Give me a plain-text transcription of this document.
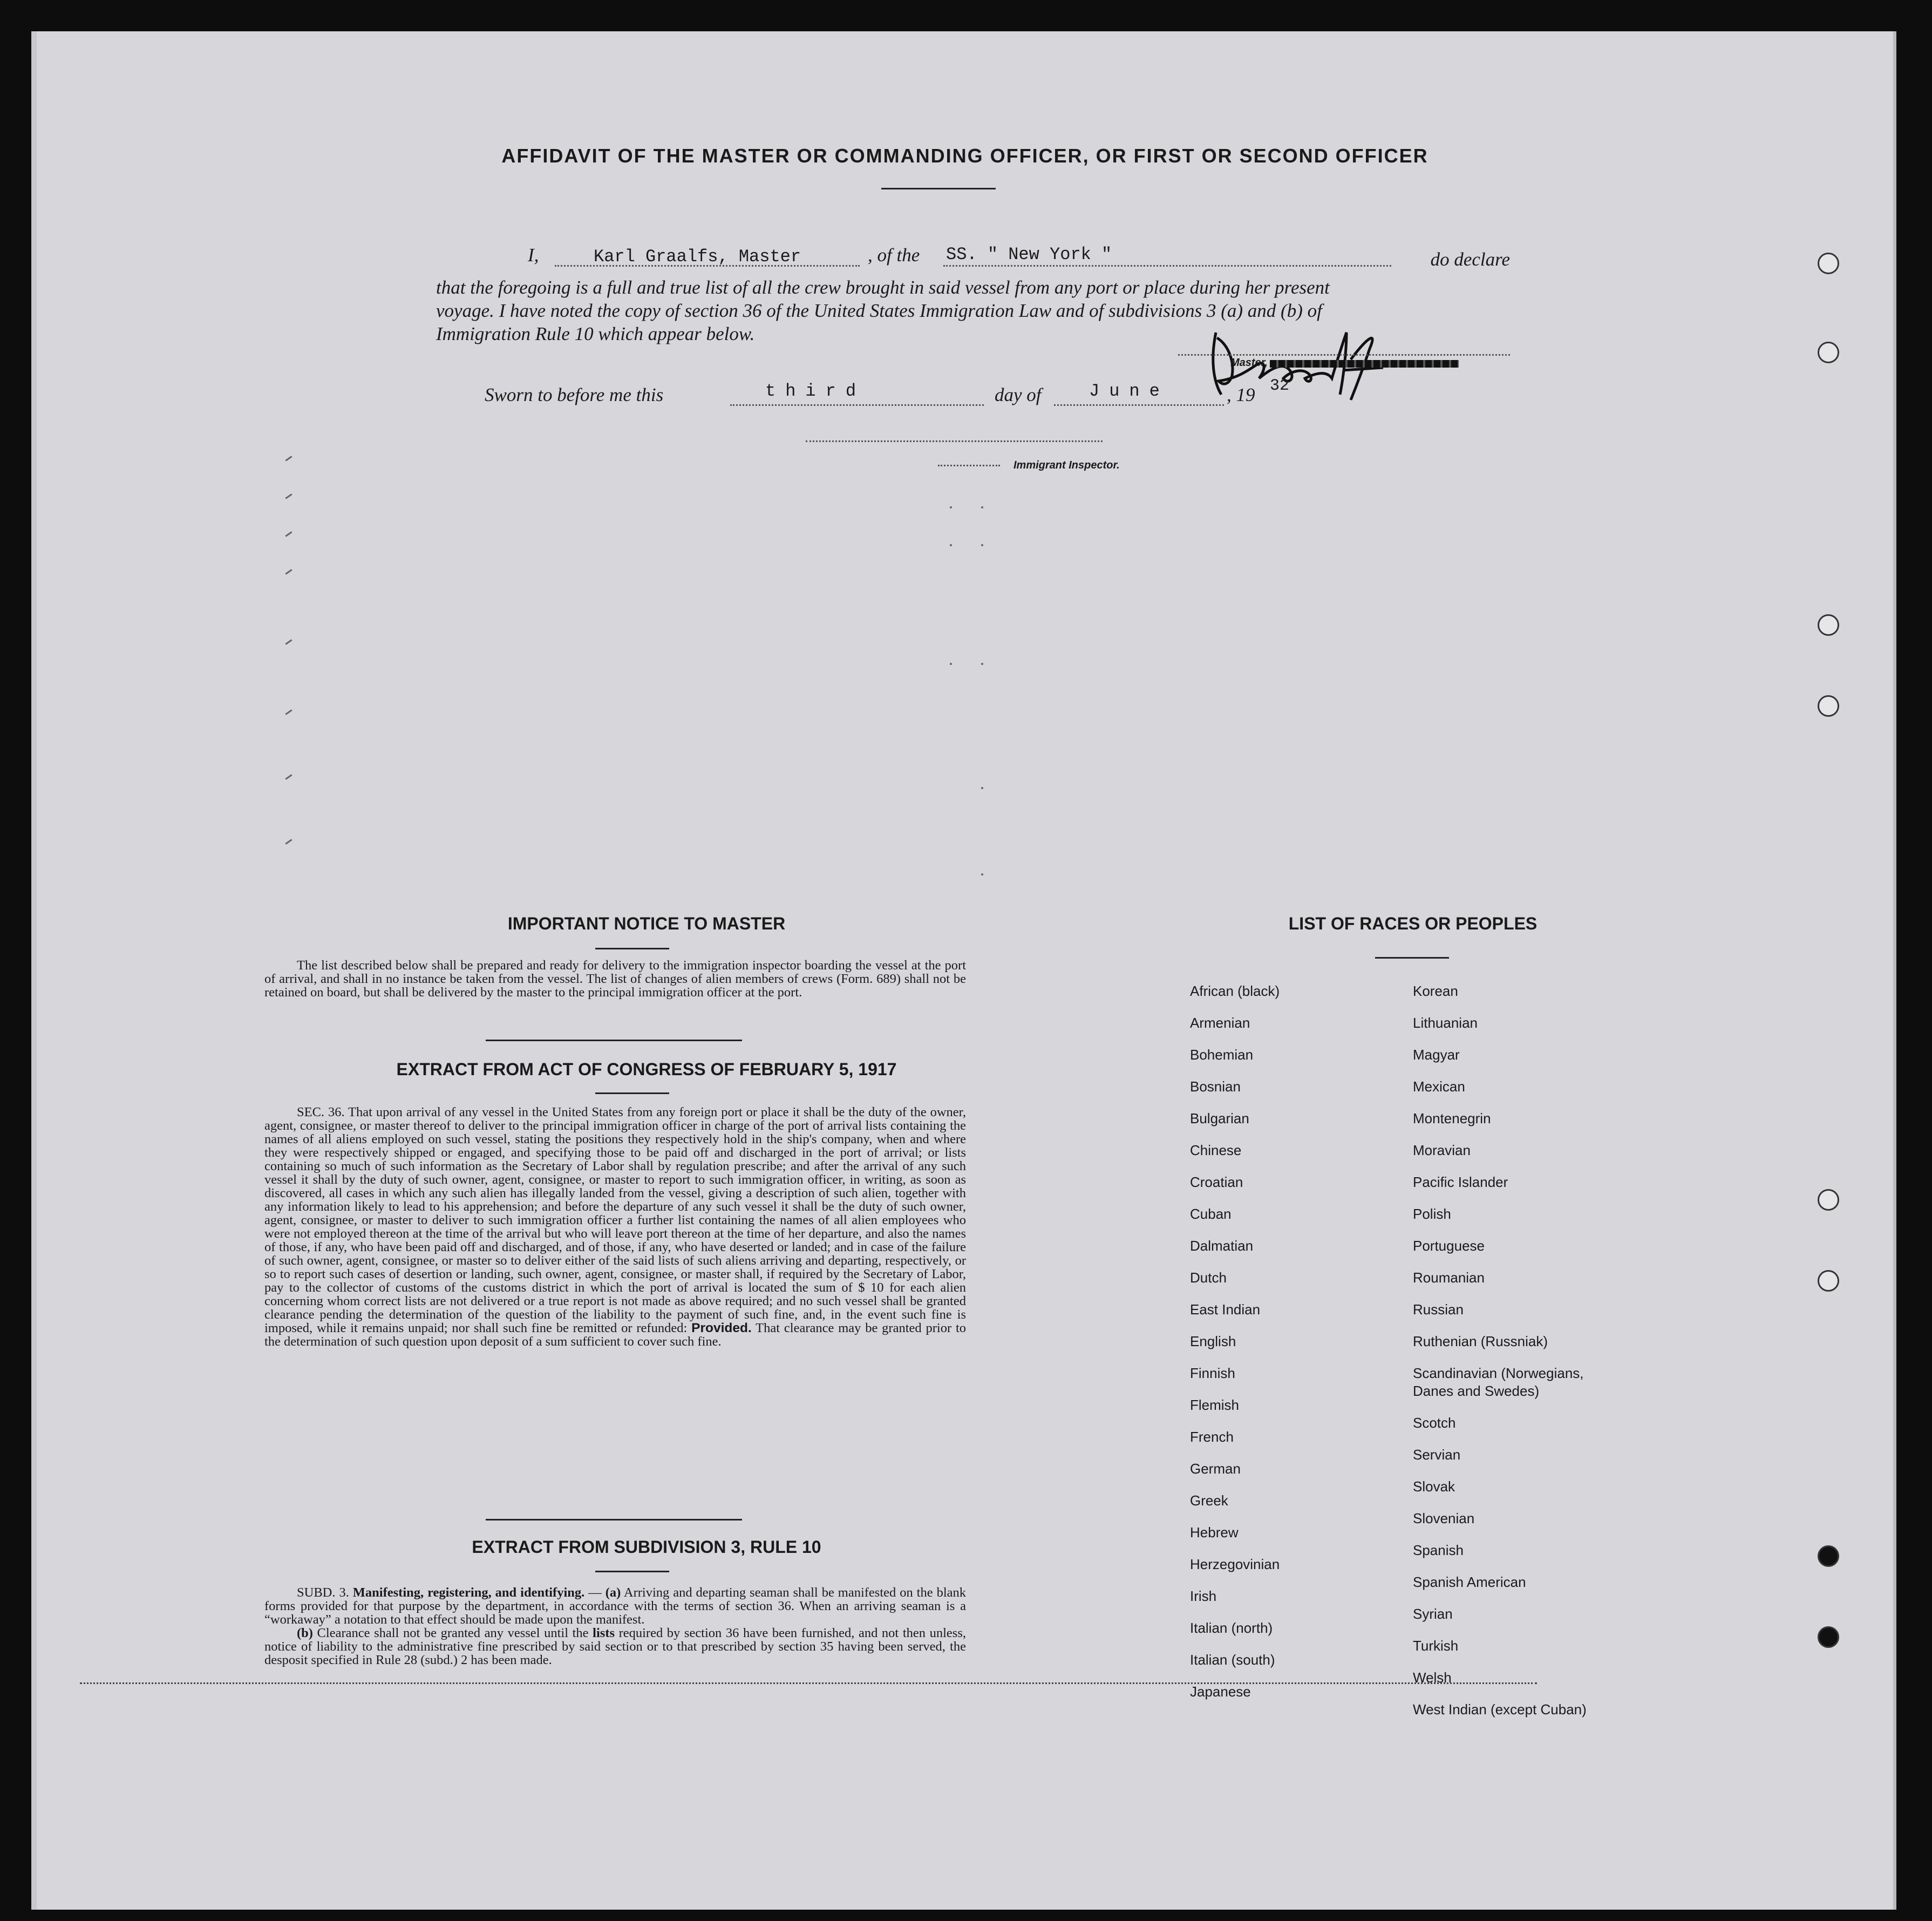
AFFIDAVIT OF THE MASTER OR COMMANDING OFFICER, OR FIRST OR SECOND OFFICER
I,	Karl Graalfs, Master	, of the SS. " New York "	do declare
that the foregoing is a full and true list of all the crew brought in said vessel from any port or place during her present
voyage. I have noted the copy of section 36 of the United States Immigration Law and of subdivisions 3 (a) and (b) of
Immigration Rule 10 which appear below.
Master,
Sworn to before me this	third	day of	June	, 19 32
Immigrant Inspector.
IMPORTANT NOTICE TO MASTER

The list described below shall be prepared and ready for delivery to the immigration inspector boarding the vessel at the port of arrival, and shall in no instance be taken from the vessel. The list of changes of alien members of crews (Form. 689) shall not be retained on board, but shall be delivered by the master to the principal immigration officer at the port.

EXTRACT FROM ACT OF CONGRESS OF FEBRUARY 5, 1917

SEC. 36. That upon arrival of any vessel in the United States from any foreign port or place it shall be the duty of the owner, agent, consignee, or master thereof to deliver to the principal immigration officer in charge of the port of arrival lists containing the names of all aliens employed on such vessel, stating the positions they respectively hold in the ship's company, when and where they were respectively shipped or engaged, and specifying those to be paid off and discharged in the port of arrival; or lists containing so much of such information as the Secretary of Labor shall by regulation prescribe; and after the arrival of any such vessel it shall by the duty of such owner, agent, consignee, or master to report to such immigration officer, in writing, as soon as discovered, all cases in which any such alien has illegally landed from the vessel, giving a description of such alien, together with any information likely to lead to his apprehension; and before the departure of any such vessel it shall be the duty of such owner, agent, consignee, or master to deliver to such immigration officer a further list containing the names of all alien employees who were not employed thereon at the time of the arrival but who will leave port thereon at the time of her departure, and also the names of those, if any, who have been paid off and discharged, and of those, if any, who have deserted or landed; and in case of the failure of such owner, agent, consignee, or master so to deliver either of the said lists of such aliens arriving and departing, respectively, or so to report such cases of desertion or landing, such owner, agent, consignee, or master shall, if required by the Secretary of Labor, pay to the collector of customs of the customs district in which the port of arrival is located the sum of $ 10 for each alien concerning whom correct lists are not delivered or a true report is not made as above required; and no such vessel shall be granted clearance pending the determination of the question of the liability to the payment of such fine, and, in the event such fine is imposed, while it remains unpaid; nor shall such fine be remitted or refunded: Provided. That clearance may be granted prior to the determination of such question upon deposit of a sum sufficient to cover such fine.

EXTRACT FROM SUBDIVISION 3, RULE 10

SUBD. 3. Manifesting, registering, and identifying. — (a) Arriving and departing seaman shall be manifested on the blank forms provided for that purpose by the department, in accordance with the terms of section 36. When an arriving seaman is a “workaway” a notation to that effect should be made upon the manifest.

(b) Clearance shall not be granted any vessel until the lists required by section 36 have been furnished, and not then unless, notice of liability to the administrative fine prescribed by said section or to that prescribed by section 35 having been served, the desposit specified in Rule 28 (subd.) 2 has been made.

LIST OF RACES OR PEOPLES
African (black)
Armenian
Bohemian
Bosnian
Bulgarian
Chinese
Croatian
Cuban
Dalmatian
Dutch
East Indian
English
Finnish
Flemish
French
German
Greek
Hebrew
Herzegovinian
Irish
Italian (north)
Italian (south)
Japanese
Korean
Lithuanian
Magyar
Mexican
Montenegrin
Moravian
Pacific Islander
Polish
Portuguese
Roumanian
Russian
Ruthenian (Russniak)
Scandinavian (Norwegians,
Danes and Swedes)
Scotch
Servian
Slovak
Slovenian
Spanish
Spanish American
Syrian
Turkish
Welsh
West Indian (except Cuban)
